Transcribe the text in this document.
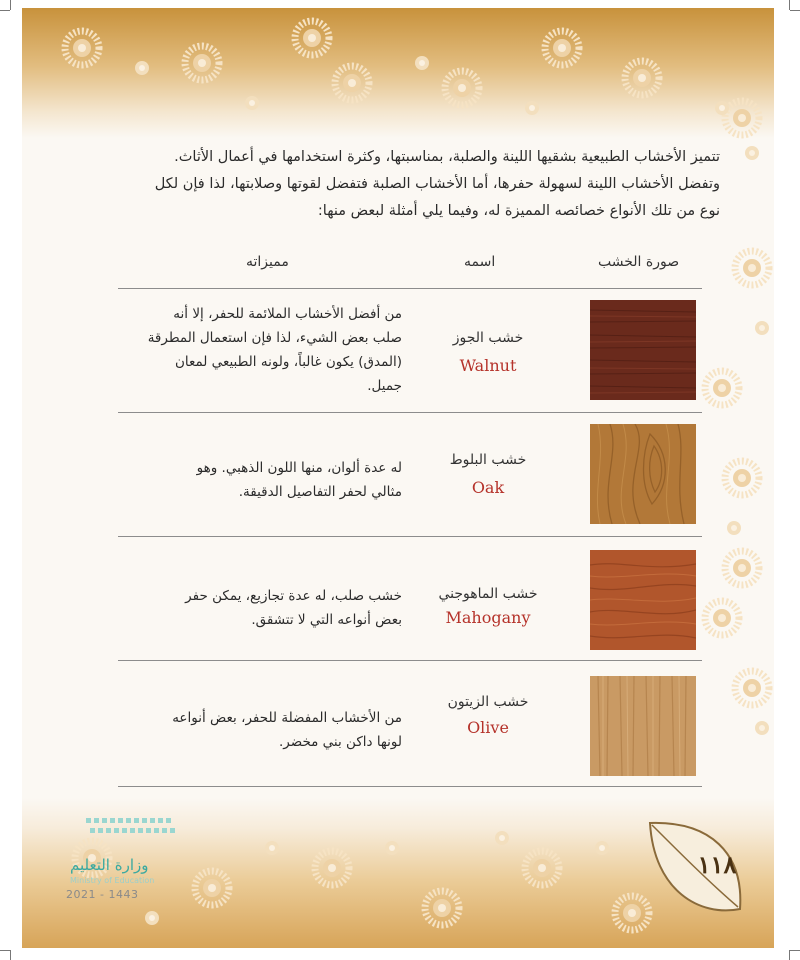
١١٨
وزارة التعليم
Ministry of Education
2021 - 1443

تتميز الأخشاب الطبيعية بشقيها اللينة والصلبة، بمناسبتها، وكثرة استخدامها في أعمال الأثاث.

وتفضل الأخشاب اللينة لسهولة حفرها، أما الأخشاب الصلبة فتفضل لقوتها وصلابتها، لذا فإن لكل

نوع من تلك الأنواع خصائصه المميزة له، وفيما يلي أمثلة لبعض منها:

صورة الخشب
اسمه
مميزاته
خشب الجوز
Walnut
من أفضل الأخشاب الملائمة للحفر، إلا أنه
صلب بعض الشيء، لذا فإن استعمال المطرقة
(المدق) يكون غالباً، ولونه الطبيعي لمعان
جميل.
خشب البلوط
Oak
له عدة ألوان، منها اللون الذهبي. وهو
مثالي لحفر التفاصيل الدقيقة.
خشب الماهوجني
Mahogany
خشب صلب، له عدة تجازيع، يمكن حفر
بعض أنواعه التي لا تتشقق.
خشب الزيتون
Olive
من الأخشاب المفضلة للحفر، بعض أنواعه
لونها داكن بني مخضر.
